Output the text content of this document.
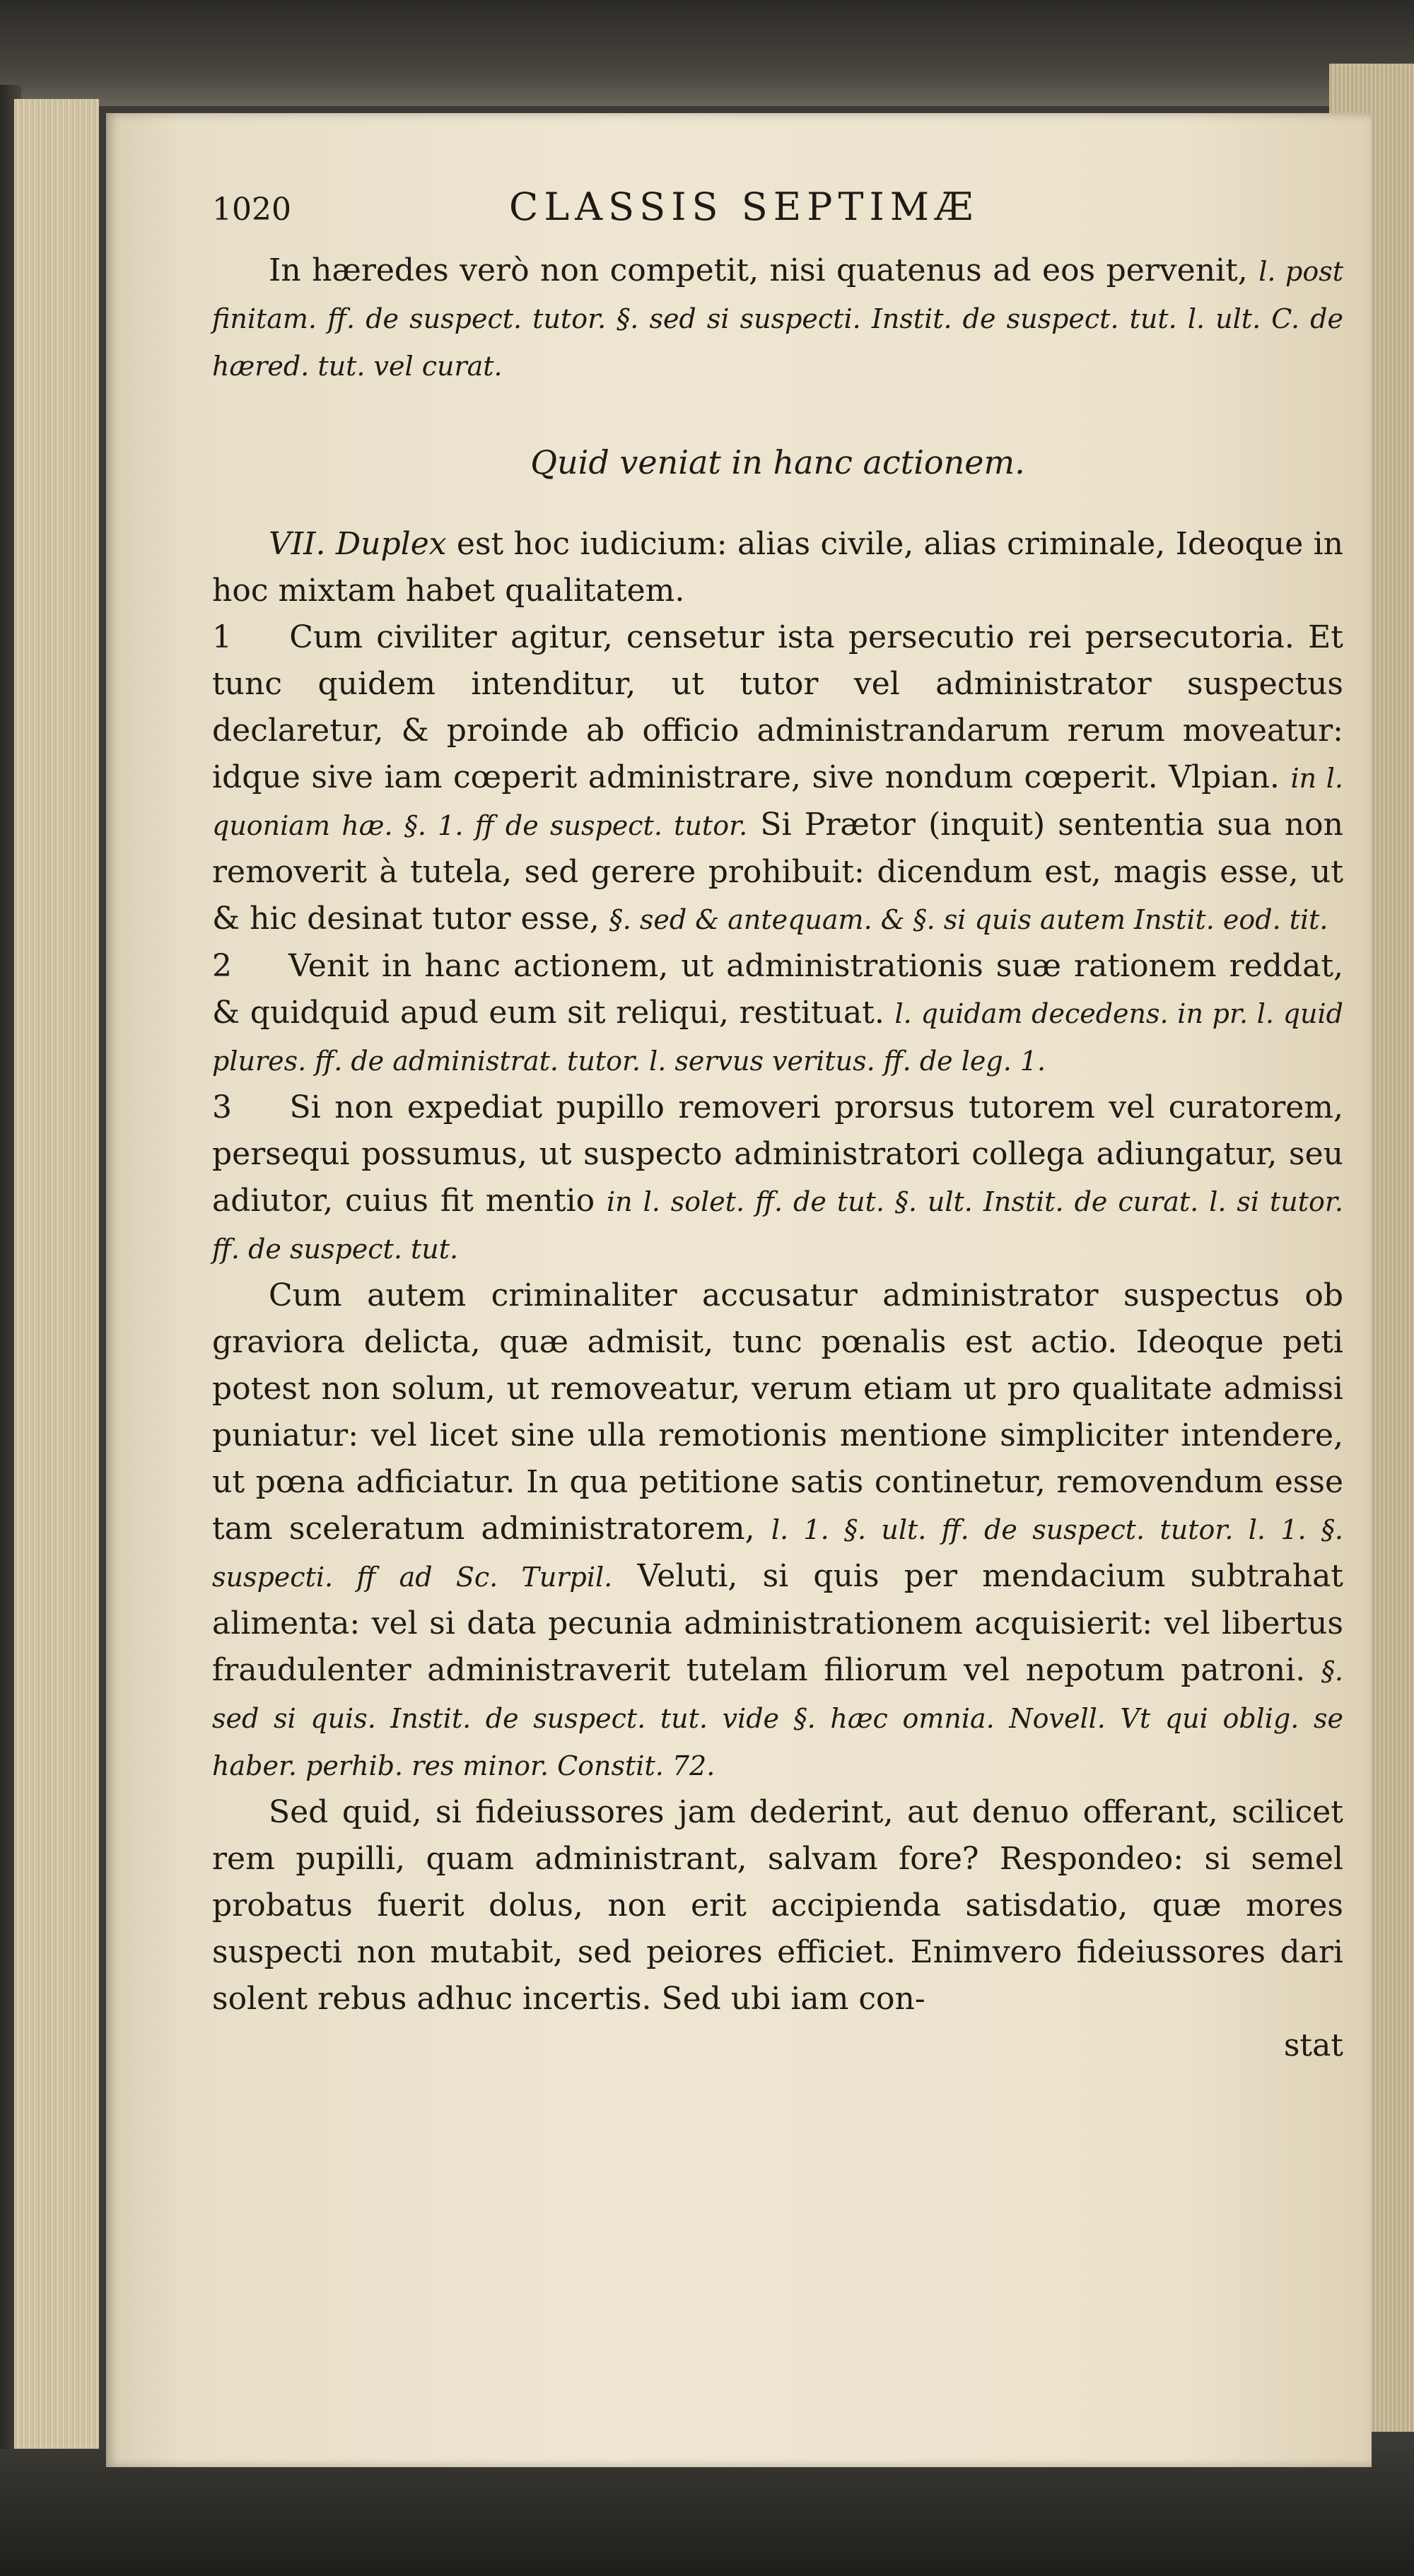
1020	CLASSIS SEPTIMÆ

In hæredes verò non competit, nisi quatenus ad eos pervenit, l. post finitam. ff. de suspect. tutor. §. sed si suspecti. Instit. de suspect. tut. l. ult. C. de hæred. tut. vel curat.

Quid veniat in hanc actionem.

VII. Duplex est hoc iudicium: alias civile, alias criminale, Ideoque in hoc mixtam habet qualitatem.

1 Cum civiliter agitur, censetur ista persecutio rei persecutoria. Et tunc quidem intenditur, ut tutor vel administrator suspectus declaretur, & proinde ab officio administrandarum rerum moveatur: idque sive iam cœperit administrare, sive nondum cœperit. Vlpian. in l. quoniam hæ. §. 1. ff de suspect. tutor. Si Prætor (inquit) sententia sua non removerit à tutela, sed gerere prohibuit: dicendum est, magis esse, ut & hic desinat tutor esse, §. sed & antequam. & §. si quis autem Instit. eod. tit.

2 Venit in hanc actionem, ut administrationis suæ rationem reddat, & quidquid apud eum sit reliqui, restituat. l. quidam decedens. in pr. l. quid plures. ff. de administrat. tutor. l. servus veritus. ff. de leg. 1.

3 Si non expediat pupillo removeri prorsus tutorem vel curatorem, persequi possumus, ut suspecto administratori collega adiungatur, seu adiutor, cuius fit mentio in l. solet. ff. de tut. §. ult. Instit. de curat. l. si tutor. ff. de suspect. tut.

Cum autem criminaliter accusatur administrator suspectus ob graviora delicta, quæ admisit, tunc pœnalis est actio. Ideoque peti potest non solum, ut removeatur, verum etiam ut pro qualitate admissi puniatur: vel licet sine ulla remotionis mentione simpliciter intendere, ut pœna adficiatur. In qua petitione satis continetur, removendum esse tam sceleratum administratorem, l. 1. §. ult. ff. de suspect. tutor. l. 1. §. suspecti. ff ad Sc. Turpil. Veluti, si quis per mendacium subtrahat alimenta: vel si data pecunia administrationem acquisierit: vel libertus fraudulenter administraverit tutelam filiorum vel nepotum patroni. §. sed si quis. Instit. de suspect. tut. vide §. hæc omnia. Novell. Vt qui oblig. se haber. perhib. res minor. Constit. 72.

Sed quid, si fideiussores jam dederint, aut denuo offerant, scilicet rem pupilli, quam administrant, salvam fore? Respondeo: si semel probatus fuerit dolus, non erit accipienda satisdatio, quæ mores suspecti non mutabit, sed peiores efficiet. Enimvero fideiussores dari solent rebus adhuc incertis. Sed ubi iam con-

stat
